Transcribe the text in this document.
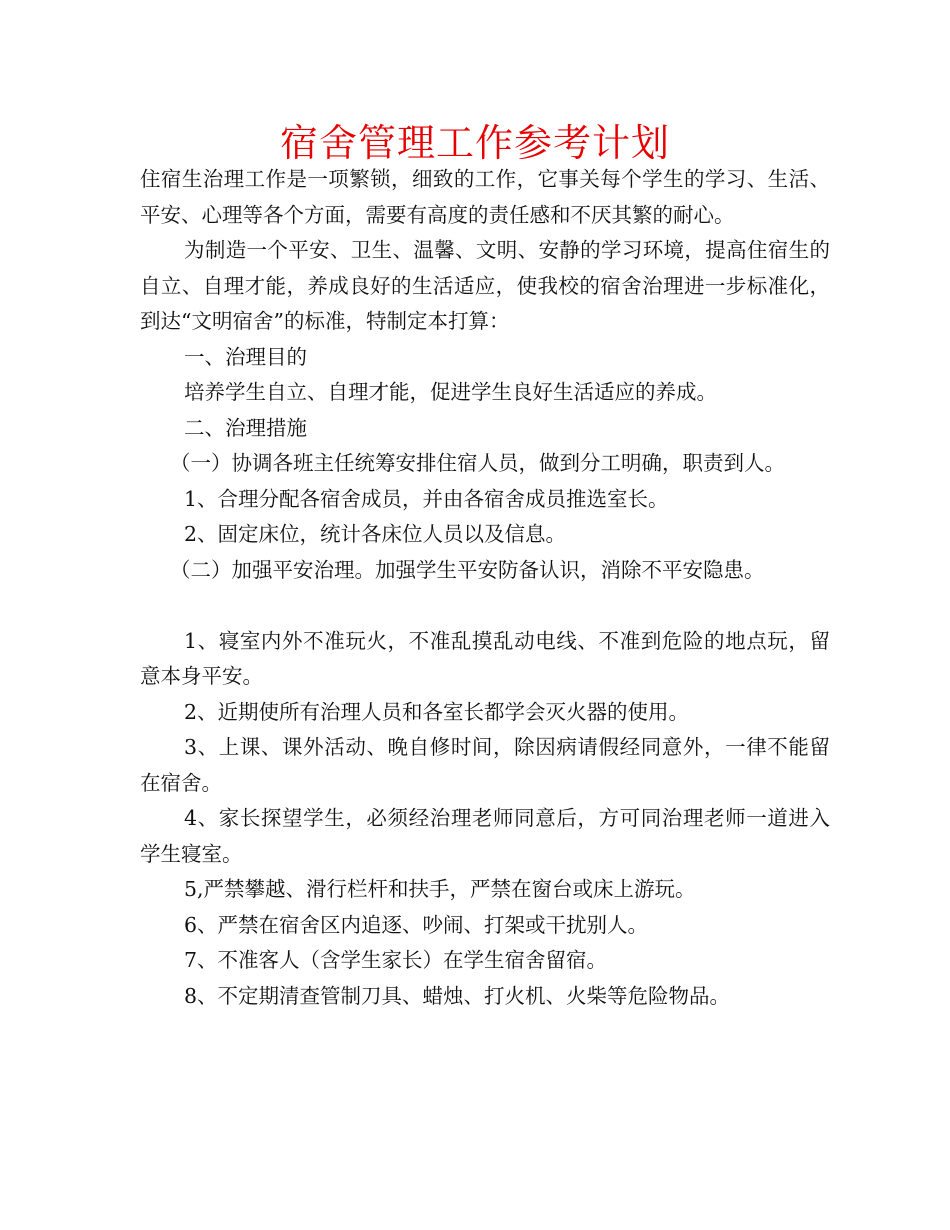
宿舍管理工作参考计划

住宿生治理工作是一项繁锁，细致的工作，它事关每个学生的学习、生活、平安、心理等各个方面，需要有高度的责任感和不厌其繁的耐心。

为制造一个平安、卫生、温馨、文明、安静的学习环境，提高住宿生的自立、自理才能，养成良好的生活适应，使我校的宿舍治理进一步标准化，到达“文明宿舍”的标准，特制定本打算：

一、治理目的

培养学生自立、自理才能，促进学生良好生活适应的养成。

二、治理措施

（一）协调各班主任统筹安排住宿人员，做到分工明确，职责到人。

1、合理分配各宿舍成员，并由各宿舍成员推选室长。

2、固定床位，统计各床位人员以及信息。

（二）加强平安治理。加强学生平安防备认识，消除不平安隐患。

1、寝室内外不准玩火，不准乱摸乱动电线、不准到危险的地点玩，留意本身平安。

2、近期使所有治理人员和各室长都学会灭火器的使用。

3、上课、课外活动、晚自修时间，除因病请假经同意外，一律不能留在宿舍。

4、家长探望学生，必须经治理老师同意后，方可同治理老师一道进入学生寝室。

5,严禁攀越、滑行栏杆和扶手，严禁在窗台或床上游玩。

6、严禁在宿舍区内追逐、吵闹、打架或干扰别人。

7、不准客人（含学生家长）在学生宿舍留宿。

8、不定期清查管制刀具、蜡烛、打火机、火柴等危险物品。
